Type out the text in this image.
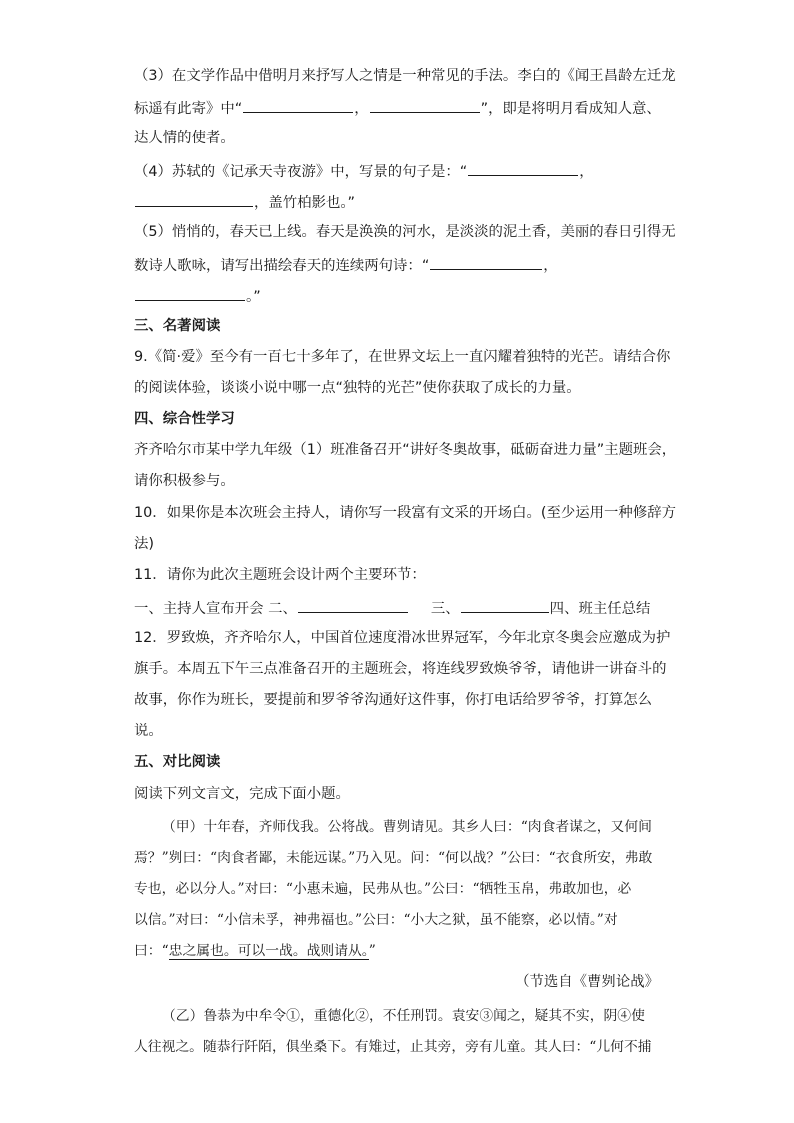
（3）在文学作品中借明月来抒写人之情是一种常见的手法。李白的《闻王昌龄左迁龙
标遥有此寄》中“	，	”，即是将明月看成知人意、
达人情的使者。
（4）苏轼的《记承天寺夜游》中，写景的句子是：“	，
，盖竹柏影也。”
（5）悄悄的，春天已上线。春天是涣涣的河水，是淡淡的泥土香，美丽的春日引得无
数诗人歌咏，请写出描绘春天的连续两句诗：“	，
。”
三、名著阅读
9.《简·爱》至今有一百七十多年了，在世界文坛上一直闪耀着独特的光芒。请结合你
的阅读体验，谈谈小说中哪一点“独特的光芒”使你获取了成长的力量。
四、综合性学习
齐齐哈尔市某中学九年级（1）班准备召开“讲好冬奥故事，砥砺奋进力量”主题班会，
请你积极参与。
10．如果你是本次班会主持人，请你写一段富有文采的开场白。(至少运用一种修辞方
法)
11．请你为此次主题班会设计两个主要环节：
一、主持人宣布开会 二、	三、	四、班主任总结
12．罗致焕，齐齐哈尔人，中国首位速度滑冰世界冠军，今年北京冬奥会应邀成为护
旗手。本周五下午三点准备召开的主题班会，将连线罗致焕爷爷，请他讲一讲奋斗的
故事，你作为班长，要提前和罗爷爷沟通好这件事，你打电话给罗爷爷，打算怎么
说。
五、对比阅读
阅读下列文言文，完成下面小题。
（甲）十年春，齐师伐我。公将战。曹刿请见。其乡人曰：“肉食者谋之，又何间
焉？”刿曰：“肉食者鄙，未能远谋。”乃入见。问：“何以战？”公曰：“衣食所安，弗敢
专也，必以分人。”对曰：“小惠未遍，民弗从也。”公曰：“牺牲玉帛，弗敢加也，必
以信。”对曰：“小信未孚，神弗福也。”公曰：“小大之狱，虽不能察，必以情。”对
曰：“忠之属也。可以一战。战则请从。”
（节选自《曹刿论战》
（乙）鲁恭为中牟令①，重德化②，不任刑罚。袁安③闻之，疑其不实，阴④使
人往视之。随恭行阡陌，俱坐桑下。有雉过，止其旁，旁有儿童。其人曰：“儿何不捕
